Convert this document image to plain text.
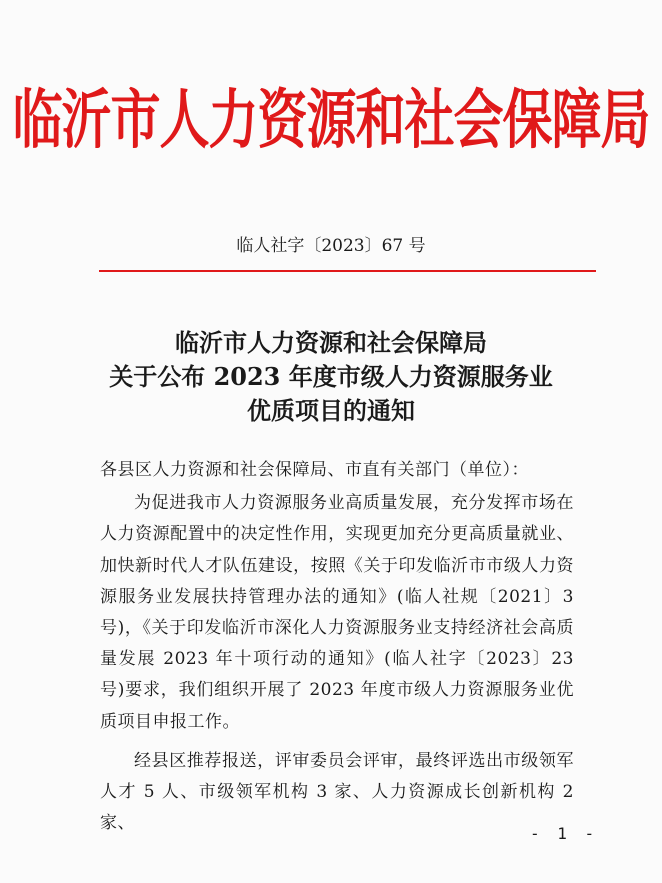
临沂市人力资源和社会保障局
临人社字〔2023〕67 号
临沂市人力资源和社会保障局
关于公布 2023 年度市级人力资源服务业
优质项目的通知

各县区人力资源和社会保障局、市直有关部门（单位）：

为促进我市人力资源服务业高质量发展，充分发挥市场在人力资源配置中的决定性作用，实现更加充分更高质量就业、加快新时代人才队伍建设，按照《关于印发临沂市市级人力资源服务业发展扶持管理办法的通知》(临人社规〔2021〕3 号)，《关于印发临沂市深化人力资源服务业支持经济社会高质量发展 2023 年十项行动的通知》(临人社字〔2023〕23 号)要求，我们组织开展了 2023 年度市级人力资源服务业优质项目申报工作。

经县区推荐报送，评审委员会评审，最终评选出市级领军人才 5 人、市级领军机构 3 家、人力资源成长创新机构 2 家、

- 1 -
